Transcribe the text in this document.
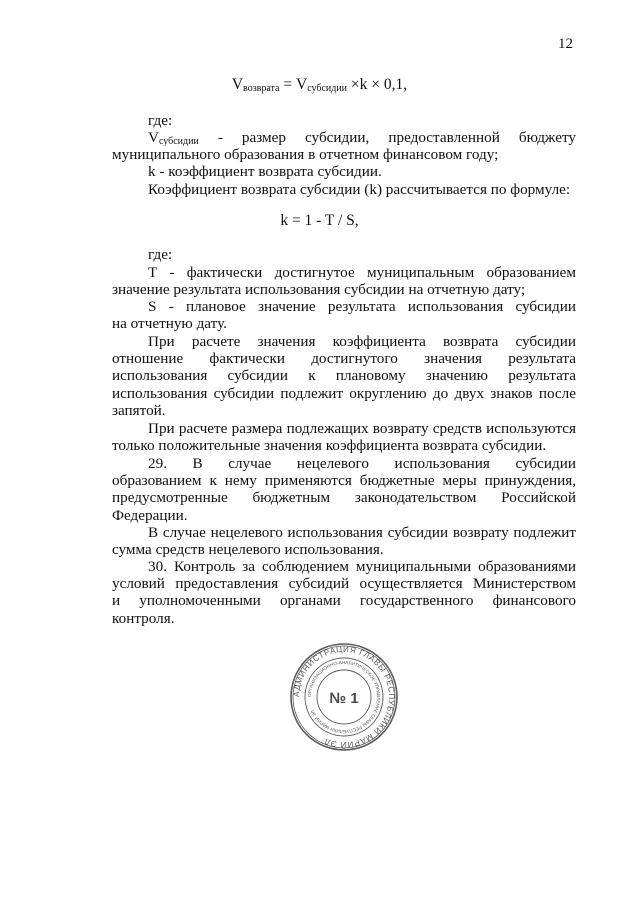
12
Vвозврата = Vсубсидии ×k × 0,1,
где:
Vсубсидии - размер субсидии, предоставленной бюджету
муниципального образования в отчетном финансовом году;
k - коэффициент возврата субсидии.
Коэффициент возврата субсидии (k) рассчитывается по формуле:
k = 1 - T / S,
где:
T - фактически достигнутое муниципальным образованием
значение результата использования субсидии на отчетную дату;
S - плановое значение результата использования субсидии
на отчетную дату.
При расчете значения коэффициента возврата субсидии
отношение фактически достигнутого значения результата
использования субсидии к плановому значению результата
использования субсидии подлежит округлению до двух знаков после
запятой.
При расчете размера подлежащих возврату средств используются
только положительные значения коэффициента возврата субсидии.
29. В случае нецелевого использования субсидии
образованием к нему применяются бюджетные меры принуждения,
предусмотренные бюджетным законодательством Российской
Федерации.
В случае нецелевого использования субсидии возврату подлежит
сумма средств нецелевого использования.
30. Контроль за соблюдением муниципальными образованиями
условий предоставления субсидий осуществляется Министерством
и уполномоченными органами государственного финансового
контроля.
АДМИНИСТРАЦИЯ ГЛАВЫ РЕСПУБЛИКИ МАРИЙ ЭЛ
ОРГАНИЗАЦИОННО-АНАЛИТИЧЕСКОЕ УПРАВЛЕНИЕ ГЛАВЫ РЕСПУБЛИКИ МАРИЙ ЭЛ
№ 1
